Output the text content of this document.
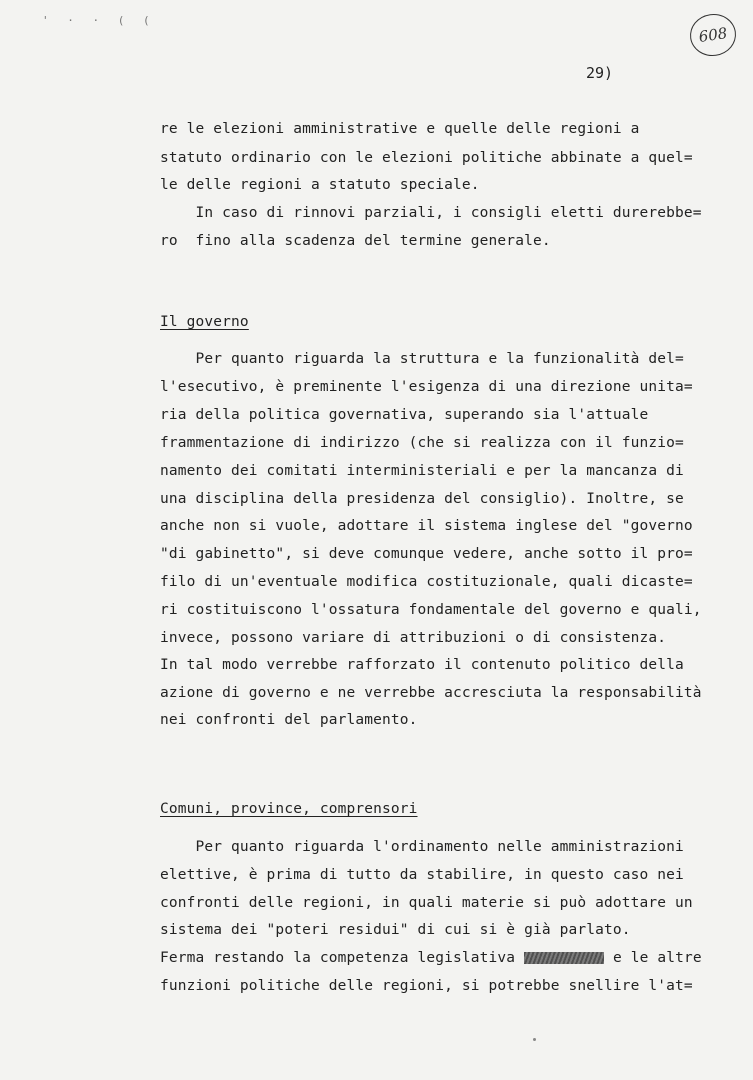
' · · ( (
608
29)
re le elezioni amministrative e quelle delle regioni a
statuto ordinario con le elezioni politiche abbinate a quel=
le delle regioni a statuto speciale.
In caso di rinnovi parziali, i consigli eletti durerebbe=
ro  fino alla scadenza del termine generale.
Il governo
Per quanto riguarda la struttura e la funzionalità del=
l'esecutivo, è preminente l'esigenza di una direzione unita=
ria della politica governativa, superando sia l'attuale
frammentazione di indirizzo (che si realizza con il funzio=
namento dei comitati interministeriali e per la mancanza di
una disciplina della presidenza del consiglio). Inoltre, se
anche non si vuole, adottare il sistema inglese del "governo
"di gabinetto", si deve comunque vedere, anche sotto il pro=
filo di un'eventuale modifica costituzionale, quali dicaste=
ri costituiscono l'ossatura fondamentale del governo e quali,
invece, possono variare di attribuzioni o di consistenza.
In tal modo verrebbe rafforzato il contenuto politico della
azione di governo e ne verrebbe accresciuta la responsabilità
nei confronti del parlamento.
Comuni, province, comprensori
Per quanto riguarda l'ordinamento nelle amministrazioni
elettive, è prima di tutto da stabilire, in questo caso nei
confronti delle regioni, in quali materie si può adottare un
sistema dei "poteri residui" di cui si è già parlato.
Ferma restando la competenza legislativa	e le altre
funzioni politiche delle regioni, si potrebbe snellire l'at=
